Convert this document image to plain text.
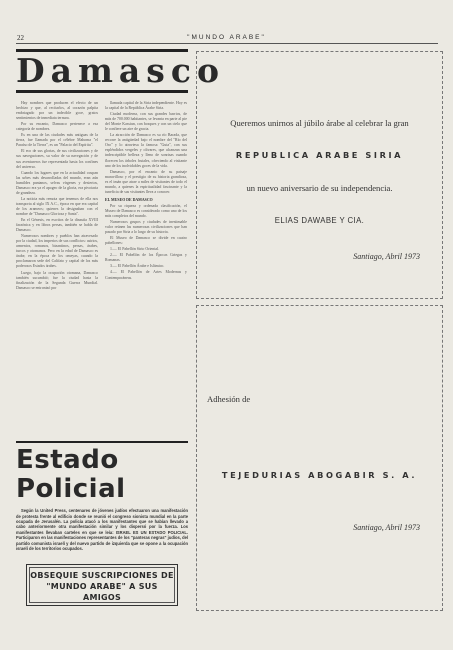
22	"MUNDO ARABE"
Damasco

Hay nombres que producen el efecto de un hechizo y que, al recitarlos, al corazón palpita embriagado por un indecible goce, gratos sentimientos de inmediata ternura.

Por su encanto, Damasco pertenece a esa categoría de nombres.

Es en una de las ciudades más antiguas de la tierra, fue llamada por el célebre Mahoma "el Paraíso de la Tierra", es un "Palacio del Espíritu".

El eco de sus glorias, de sus civilizaciones y de sus navegaciones, su valor de su navegación y de sus aventureros fue representada hasta los confines del universo.

Cuando los lugares que en la actualidad ocupan las urbes más desarrolladas del mundo, eran aún humildes pantanos, selvas vírgenes y desiertos, Damasco era ya el apogeo de la gloria, era pivotaria de grandeza.

La noticia más remota que tenemos de ella nos transporta al siglo IX A.C., época en que era capital de los arameos; quienes la designaban con el nombre de "Damasco Gloriosa y Santa".

En el Génesis, en escritos de la dinastía XVIII faraónica y en libros persas, también se habla de Damasco.

Numerosos nombres y pueblos han atravesado por la ciudad, los imperios de sus conflictos: asirios, armenios, romanos, bizantinos, persas, árabes, turcos y otomanos. Pero en la edad de Damasco es árabe, en la época de los omeyas, cuando la proclamaron sede del Califato y capital de los más poderosos Estados árabes.

Luego, bajo la ocupación otomana, Damasco también sucumbió; fue la ciudad hasta la finalización de la Segunda Guerra Mundial. Damasco se entronizó por

llamada capital de la Siria independiente. Hoy es la capital de la República Árabe Siria.

Ciudad moderna, con sus grandes barrios, de más de 700.000 habitantes, se levanta en parte al pie del Monte Kassiun, con bosques y con un cielo que le confiere un aire de gracia.

La atracción de Damasco es su río Barada, que recorre la antigüedad bajo el nombre del "Río del Oro" y lo atraviesa la famosa "Guta", con sus espléndidos vergeles y olivares, que alcanzan una indescriptible belleza y lleno de sonrisas cuando florecen los árboles frutales, ofreciendo al visitante uno de los inolvidables goces de la vida.

Damasco, por el encanto de su paisaje maravilloso y el prestigio de su historia grandiosa, es el imán que atrae a miles de visitantes de todo el mundo, a quienes la espiritualidad fascinante y la tuneficia de sus visitantes lleva a conocer.

EL MUSEO DE DAMASCO

Por su riqueza y ordenada clasificación, el Museo de Damasco es considerado como uno de los más completos del mundo.

Numerosos grupos y ciudades de inestimable valor reúnen las numerosas civilizaciones que han pasado por Siria a lo largo de su historia.

El Museo de Damasco se divide en cuatro pabellones:

1.— El Pabellón Sirio Oriental.

2.— El Pabellón de los Épocas Griegas y Romanas.

3.— El Pabellón Árabe e Islámico.

4.— El Pabellón de Artes Modernas y Contemporáneas.

Estado Policial

Según la United Press, centenares de jóvenes judíos efectuaron una manifestación de protesta frente al edificio donde se reunió el congreso sionista mundial en la parte ocupada de Jerusalén. La policía atacó a los manifestantes que se habían llevado a cabo anteriormente otra manifestación similar y los dispersó por la fuerza. Los manifestantes llevaban carteles en que se leía: ISRAEL ES UN ESTADO POLICIAL. Participaron en las manifestaciones representantes de los "panteras negras" judíos, del partido comunista israelí y del nuevo partido de izquierda que se opone a la ocupación israelí de los territorios ocupados.

OBSEQUIE SUSCRIPCIONES DE
"MUNDO ARABE" A SUS AMIGOS
Queremos unirnos al júbilo árabe al celebrar la gran
REPUBLICA ARABE SIRIA
un nuevo aniversario de su independencia.
ELIAS DAWABE Y CIA.
Santiago, Abril 1973
Adhesión de
TEJEDURIAS ABOGABIR S. A.
Santiago, Abril 1973
